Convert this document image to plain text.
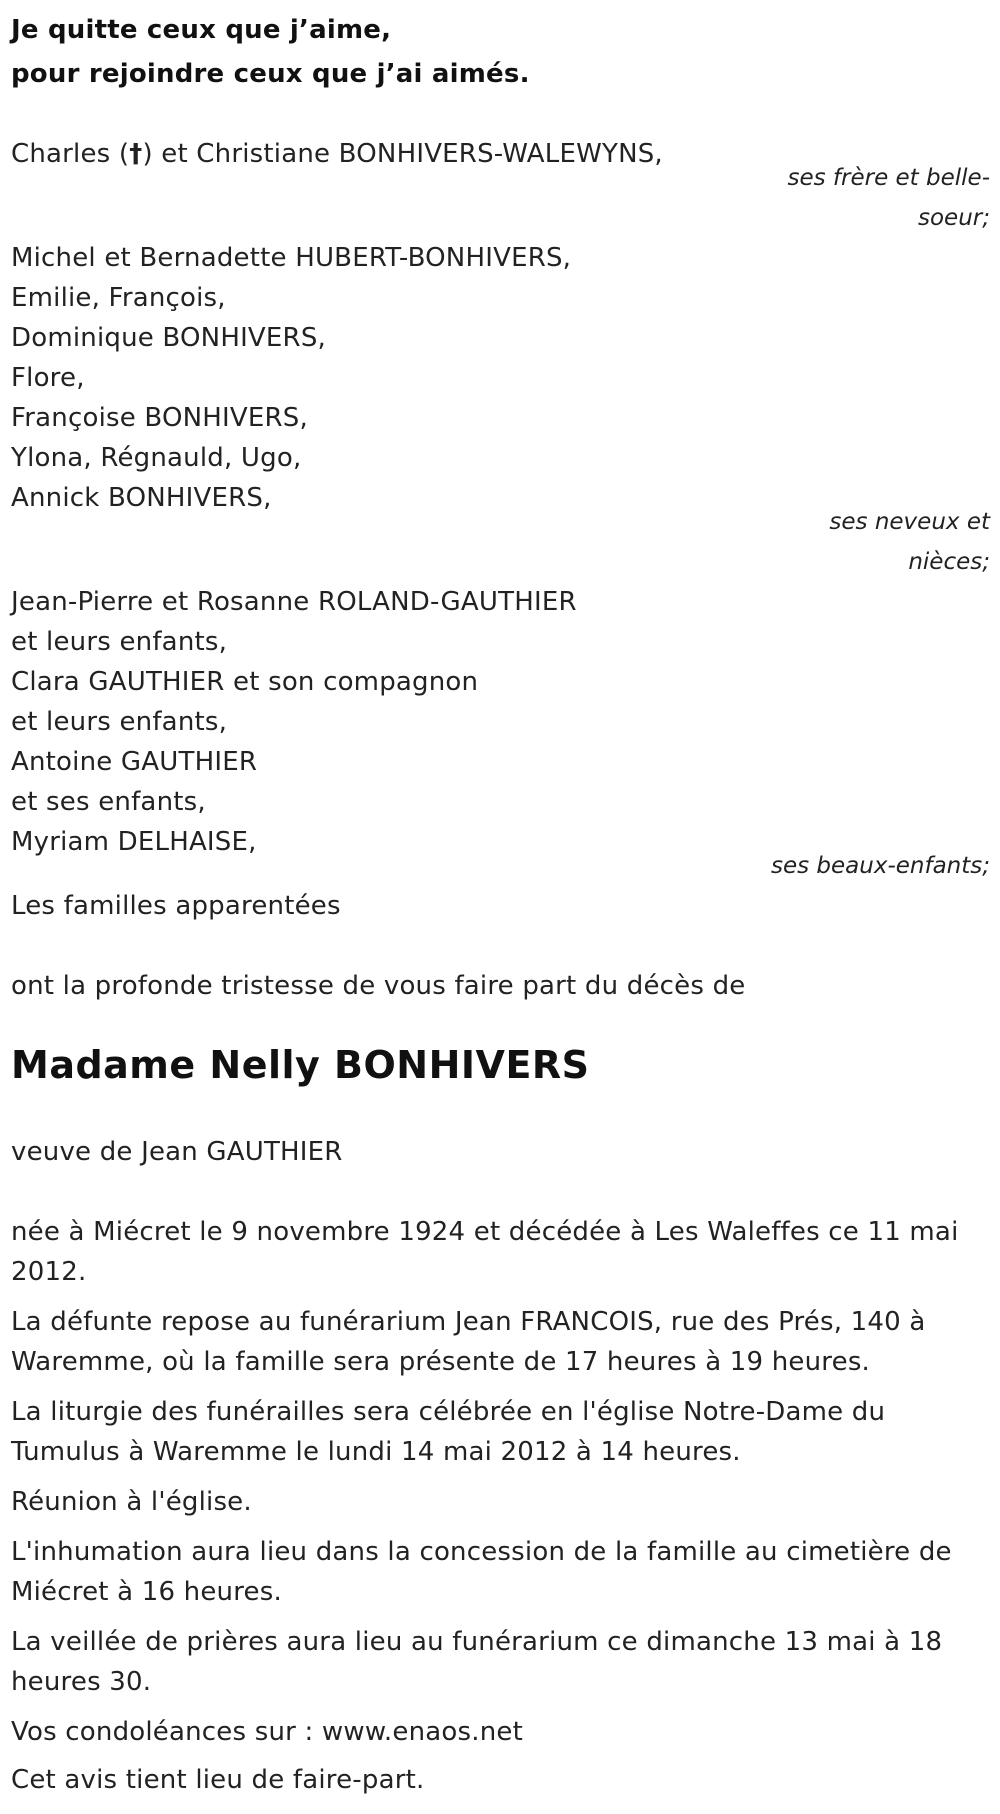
Je quitte ceux que j’aime,
pour rejoindre ceux que j’ai aimés.
Charles (†) et Christiane BONHIVERS-WALEWYNS,
ses frère et belle-
soeur;
Michel et Bernadette HUBERT-BONHIVERS,
Emilie, François,
Dominique BONHIVERS,
Flore,
Françoise BONHIVERS,
Ylona, Régnauld, Ugo,
Annick BONHIVERS,
ses neveux et
nièces;
Jean-Pierre et Rosanne ROLAND-GAUTHIER
et leurs enfants,
Clara GAUTHIER et son compagnon
et leurs enfants,
Antoine GAUTHIER
et ses enfants,
Myriam DELHAISE,
ses beaux-enfants;
Les familles apparentées
ont la profonde tristesse de vous faire part du décès de
Madame Nelly BONHIVERS
veuve de Jean GAUTHIER
née à Miécret le 9 novembre 1924 et décédée à Les Waleffes ce 11 mai
2012.
La défunte repose au funérarium Jean FRANCOIS, rue des Prés, 140 à
Waremme, où la famille sera présente de 17 heures à 19 heures.
La liturgie des funérailles sera célébrée en l'église Notre-Dame du
Tumulus à Waremme le lundi 14 mai 2012 à 14 heures.
Réunion à l'église.
L'inhumation aura lieu dans la concession de la famille au cimetière de
Miécret à 16 heures.
La veillée de prières aura lieu au funérarium ce dimanche 13 mai à 18
heures 30.
Vos condoléances sur : www.enaos.net
Cet avis tient lieu de faire-part.
